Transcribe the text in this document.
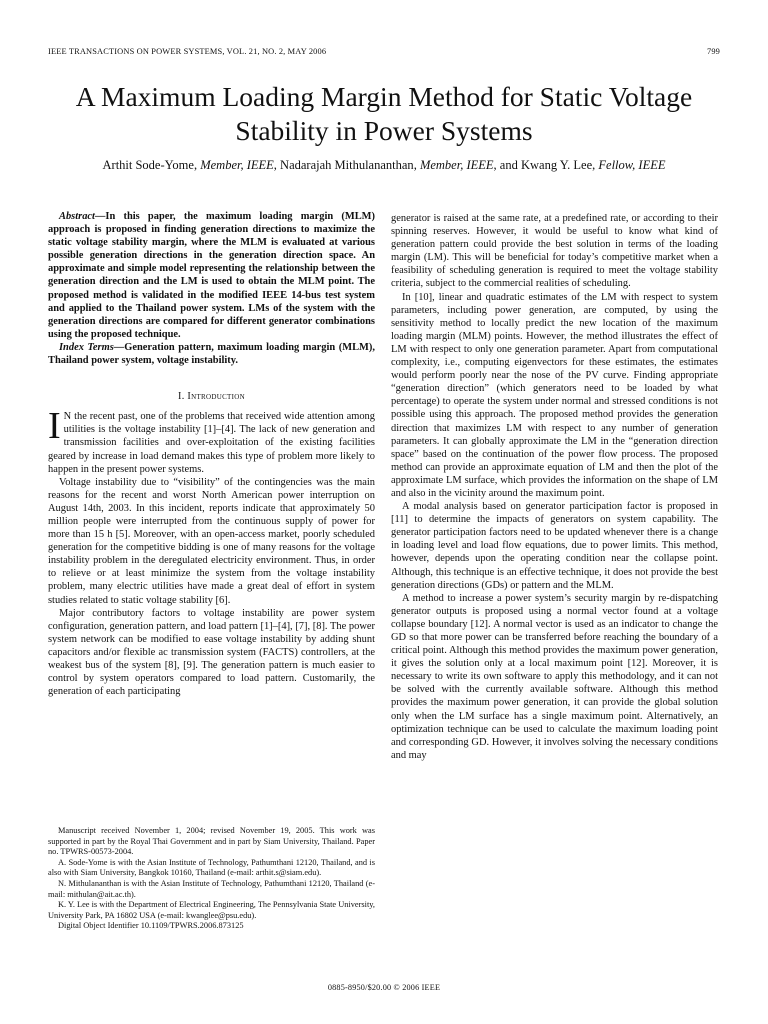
IEEE TRANSACTIONS ON POWER SYSTEMS, VOL. 21, NO. 2, MAY 2006	799
A Maximum Loading Margin Method for Static Voltage Stability in Power Systems
Arthit Sode-Yome, Member, IEEE, Nadarajah Mithulananthan, Member, IEEE, and Kwang Y. Lee, Fellow, IEEE

Abstract—In this paper, the maximum loading margin (MLM) approach is proposed in finding generation directions to maximize the static voltage stability margin, where the MLM is evaluated at various possible generation directions in the generation direction space. An approximate and simple model representing the relationship between the generation direction and the LM is used to obtain the MLM point. The proposed method is validated in the modified IEEE 14-bus test system and applied to the Thailand power system. LMs of the system with the generation directions are compared for different generator combinations using the proposed technique.

Index Terms—Generation pattern, maximum loading margin (MLM), Thailand power system, voltage instability.

I. Introduction

I N the recent past, one of the problems that received wide attention among utilities is the voltage instability [1]–[4]. The lack of new generation and transmission facilities and over-exploitation of the existing facilities geared by increase in load demand makes this type of problem more likely to happen in the present power systems.

Voltage instability due to “visibility” of the contingencies was the main reasons for the recent and worst North American power interruption on August 14th, 2003. In this incident, reports indicate that approximately 50 million people were interrupted from the continuous supply of power for more than 15 h [5]. Moreover, with an open-access market, poorly scheduled generation for the competitive bidding is one of many reasons for the voltage instability problem in the deregulated electricity environment. Thus, in order to relieve or at least minimize the system from the voltage instability problem, many electric utilities have made a great deal of effort in system studies related to static voltage stability [6].

Major contributory factors to voltage instability are power system configuration, generation pattern, and load pattern [1]–[4], [7], [8]. The power system network can be modified to ease voltage instability by adding shunt capacitors and/or flexible ac transmission system (FACTS) controllers, at the weakest bus of the system [8], [9]. The generation pattern is much easier to control by system operators compared to load pattern. Customarily, the generation of each participating

generator is raised at the same rate, at a predefined rate, or according to their spinning reserves. However, it would be useful to know what kind of generation pattern could provide the best solution in terms of the loading margin (LM). This will be beneficial for today’s competitive market when a feasibility of scheduling generation is required to meet the voltage stability criteria, subject to the commercial realities of scheduling.

In [10], linear and quadratic estimates of the LM with respect to system parameters, including power generation, are computed, by using the sensitivity method to locally predict the new location of the maximum loading margin (MLM) points. However, the method illustrates the effect of LM with respect to only one generation parameter. Apart from computational complexity, i.e., computing eigenvectors for these estimates, the estimates would perform poorly near the nose of the PV curve. Finding appropriate “generation direction” (which generators need to be loaded by what percentage) to operate the system under normal and stressed conditions is not possible using this approach. The proposed method provides the generation direction that maximizes LM with respect to any number of generation parameters. It can globally approximate the LM in the “generation direction space” based on the continuation of the power flow process. The proposed method can provide an approximate equation of LM and then the plot of the approximate LM surface, which provides the information on the shape of LM and also in the vicinity around the maximum point.

A modal analysis based on generator participation factor is proposed in [11] to determine the impacts of generators on system capability. The generator participation factors need to be updated whenever there is a change in loading level and load flow equations, due to power limits. This method, however, depends upon the operating condition near the collapse point. Although, this technique is an effective technique, it does not provide the best generation directions (GDs) or pattern and the MLM.

A method to increase a power system’s security margin by re-dispatching generator outputs is proposed using a normal vector found at a voltage collapse boundary [12]. A normal vector is used as an indicator to change the GD so that more power can be transferred before reaching the boundary of a critical point. Although this method provides the maximum power generation, it gives the solution only at a local maximum point [12]. Moreover, it is necessary to write its own software to apply this methodology, and it can not be solved with the currently available software. Although this method provides the maximum power generation, it can provide the global solution only when the LM surface has a single maximum point. Alternatively, an optimization technique can be used to calculate the maximum loading point and corresponding GD. However, it involves solving the necessary conditions and may

Manuscript received November 1, 2004; revised November 19, 2005. This work was supported in part by the Royal Thai Government and in part by Siam University, Thailand. Paper no. TPWRS-00573-2004.

A. Sode-Yome is with the Asian Institute of Technology, Pathumthani 12120, Thailand, and is also with Siam University, Bangkok 10160, Thailand (e-mail: arthit.s@siam.edu).

N. Mithulananthan is with the Asian Institute of Technology, Pathumthani 12120, Thailand (e-mail: mithulan@ait.ac.th).

K. Y. Lee is with the Department of Electrical Engineering, The Pennsylvania State University, University Park, PA 16802 USA (e-mail: kwanglee@psu.edu).

Digital Object Identifier 10.1109/TPWRS.2006.873125

0885-8950/$20.00 © 2006 IEEE
